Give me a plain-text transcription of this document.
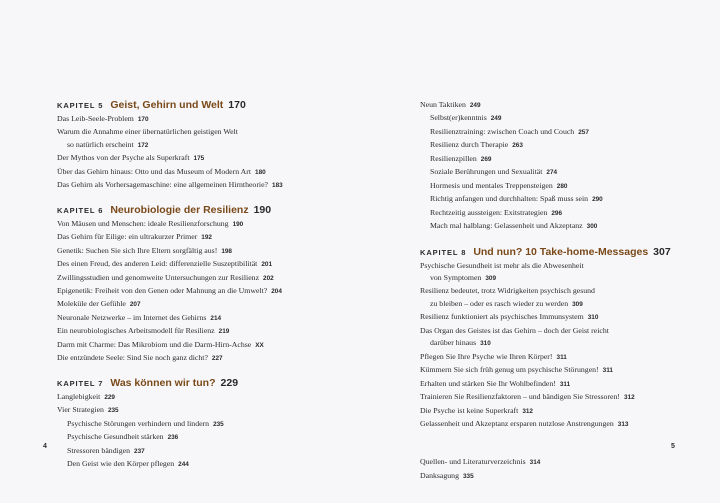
KAPITEL 5 Geist, Gehirn und Welt 170
Das Leib-Seele-Problem 170
Warum die Annahme einer übernatürlichen geistigen Welt
so natürlich erscheint 172
Der Mythos von der Psyche als Superkraft 175
Über das Gehirn hinaus: Otto und das Museum of Modern Art 180
Das Gehirn als Vorhersagemaschine: eine allgemeinen Hirntheorie? 183
KAPITEL 6 Neurobiologie der Resilienz 190
Von Mäusen und Menschen: ideale Resilienzforschung 190
Das Gehirn für Eilige: ein ultrakurzer Primer 192
Genetik: Suchen Sie sich Ihre Eltern sorgfältig aus! 198
Des einen Freud, des anderen Leid: differenzielle Suszeptibilität 201
Zwillingsstudien und genomweite Untersuchungen zur Resilienz 202
Epigenetik: Freiheit von den Genen oder Mahnung an die Umwelt? 204
Moleküle der Gefühle 207
Neuronale Netzwerke – im Internet des Gehirns 214
Ein neurobiologisches Arbeitsmodell für Resilienz 219
Darm mit Charme: Das Mikrobiom und die Darm-Hirn-Achse XX
Die entzündete Seele: Sind Sie noch ganz dicht? 227
KAPITEL 7 Was können wir tun? 229
Langlebigkeit 229
Vier Strategien 235
Psychische Störungen verhindern und lindern 235
Psychische Gesundheit stärken 236
Stressoren bändigen 237
Den Geist wie den Körper pflegen 244
Neun Taktiken 249
Selbst(er)kenntnis 249
Resilienztraining: zwischen Coach und Couch 257
Resilienz durch Therapie 263
Resilienzpillen 269
Soziale Berührungen und Sexualität 274
Hormesis und mentales Treppensteigen 280
Richtig anfangen und durchhalten: Spaß muss sein 290
Rechtzeitig aussteigen: Exitstrategien 296
Mach mal halblang: Gelassenheit und Akzeptanz 300
KAPITEL 8 Und nun? 10 Take-home-Messages 307
Psychische Gesundheit ist mehr als die Abwesenheit
von Symptomen 309
Resilienz bedeutet, trotz Widrigkeiten psychisch gesund
zu bleiben – oder es rasch wieder zu werden 309
Resilienz funktioniert als psychisches Immunsystem 310
Das Organ des Geistes ist das Gehirn – doch der Geist reicht
darüber hinaus 310
Pflegen Sie Ihre Psyche wie Ihren Körper! 311
Kümmern Sie sich früh genug um psychische Störungen! 311
Erhalten und stärken Sie Ihr Wohlbefinden! 311
Trainieren Sie Resilienzfaktoren – und bändigen Sie Stressoren! 312
Die Psyche ist keine Superkraft 312
Gelassenheit und Akzeptanz ersparen nutzlose Anstrengungen 313
Quellen- und Literaturverzeichnis 314
Danksagung 335
4	5
